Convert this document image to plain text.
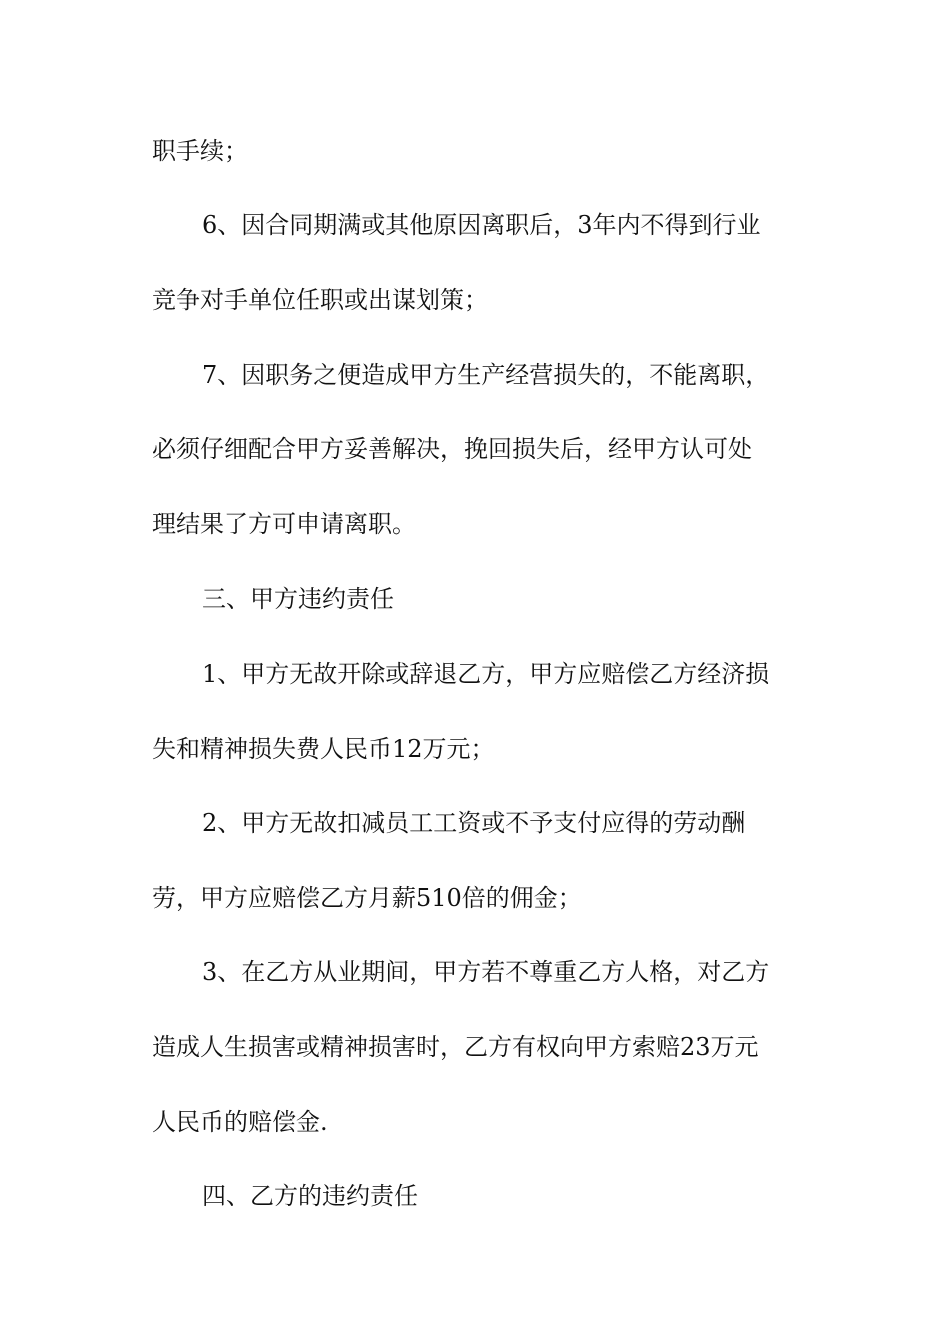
职手续；
6、因合同期满或其他原因离职后，3年内不得到行业
竞争对手单位任职或出谋划策；
7、因职务之便造成甲方生产经营损失的，不能离职，
必须仔细配合甲方妥善解决，挽回损失后，经甲方认可处
理结果了方可申请离职。
三、甲方违约责任
1、甲方无故开除或辞退乙方，甲方应赔偿乙方经济损
失和精神损失费人民币12万元；
2、甲方无故扣减员工工资或不予支付应得的劳动酬
劳，甲方应赔偿乙方月薪510倍的佣金；
3、在乙方从业期间，甲方若不尊重乙方人格，对乙方
造成人生损害或精神损害时，乙方有权向甲方索赔23万元
人民币的赔偿金.
四、乙方的违约责任
